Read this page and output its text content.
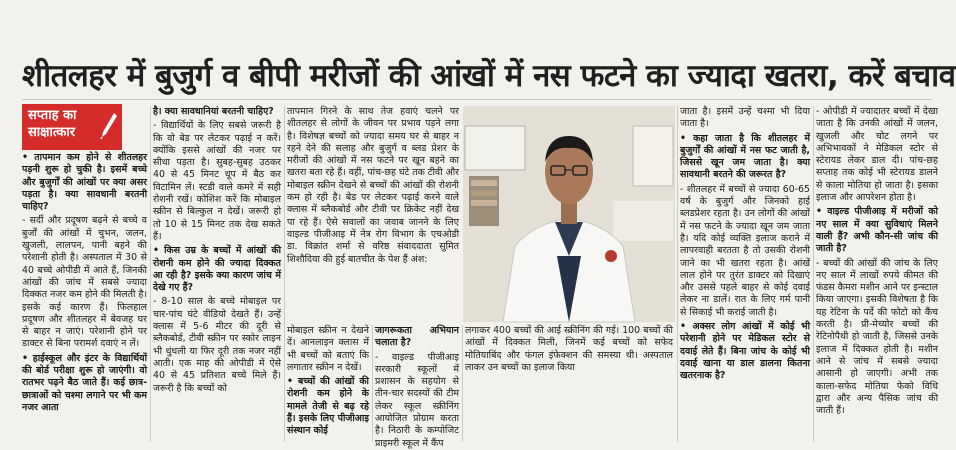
शीतलहर में बुजुर्ग व बीपी मरीजों की आंखों में नस फटने का ज्यादा खतरा, करें बचाव
सप्ताह का
साक्षात्कार

• तापमान कम होने से शीतलहर पड़नी शुरू हो चुकी है। इसमें बच्चे और बुजुर्गों की आंखों पर क्या असर पड़ता है। क्या सावधानी बरतनी चाहिए?

- सर्दी और प्रदूषण बढ़ने से बच्चे व बुर्जों की आंखों में चुभन, जलन, खुजली, लालपन, पानी बहने की परेशानी होती है। अस्पताल में 30 से 40 बच्चे ओपीडी में आते हैं, जिनकी आंखों की जांच में सबसे ज्यादा दिक्कत नजर कम होने की मिलती है। इसके कई कारण हैं। फिलहाल प्रदूषण और शीतलहर में बेवजह घर से बाहर न जाएं। परेशानी होने पर डाक्टर से बिना परामर्श दवाएं न लें।

• हाईस्कूल और इंटर के विद्यार्थियों की बोर्ड परीक्षा शुरू हो जाएंगी। वो रातभर पढ़ने बैठ जाते हैं। कई छात्र-छात्राओं को चश्मा लगाने पर भी कम नजर आता

है। क्या सावधानियां बरतनी चाहिए?

- विद्यार्थियों के लिए सबसे जरूरी है कि वो बेड पर लेटकर पढ़ाई न करें। क्योंकि इससे आंखों की नजर पर सीधा पड़ता है। सुबह-सुबह उठकर 40 से 45 मिनट धूप में बैठ कर विटामिन लें। स्टडी वाले कमरे में सही रोशनी रखें। कोशिश करें कि मोबाइल स्क्रीन से बिल्कुल न देखें। जरूरी हो तो 10 से 15 मिनट तक देख सकते हैं।

• किस उम्र के बच्चों में आंखों की रोशनी कम होने की ज्यादा दिक्कत आ रही है? इसके क्या कारण जांच में देखे गए हैं?

- 8-10 साल के बच्चे मोबाइल पर चार-पांच घंटे वीडियो देखते हैं। उन्हें क्लास में 5-6 मीटर की दूरी से ब्लैकबोर्ड, टीवी स्क्रीन पर स्कोर लाइन भी धुंधली या फिर दूरी तक नजर नहीं आती। एक माह की ओपीडी में ऐसे 40 से 45 प्रतिशत बच्चे मिले हैं। जरूरी है कि बच्चों को

तापमान गिरने के साथ तेज हवाएं चलने पर शीतलहर से लोगों के जीवन पर प्रभाव पड़ने लगा है। विशेषज्ञ बच्चों को ज्यादा समय घर से बाहर न रहने देने की सलाह और बुजुर्ग व ब्लड प्रेशर के मरीजों की आंखों में नस फटने पर खून बहने का खतरा बता रहे हैं। वहीं, पांच-छह घंटे तक टीवी और मोबाइल स्क्रीन देखने से बच्चों की आंखों की रोशनी कम हो रही है। बेड पर लेटकर पढ़ाई करने वाले क्लास में ब्लैकबोर्ड और टीवी पर क्रिकेट नहीं देख पा रहे हैं। ऐसे सवालों का जवाब जानने के लिए वाइल्ड पीजीआइ में नेत्र रोग विभाग के एचओडी डा. विक्रांत शर्मा से वरिष्ठ संवाददाता सुमित शिशौदिया की हुई बातचीत के पेश हैं अंश:

मोबाइल स्क्रीन न देखने दें। आनलाइन क्लास में भी बच्चों को बताएं कि लगातार स्क्रीन न देखें।

• बच्चों की आंखों की रोशनी कम होने के मामले तेजी से बढ़ रहे हैं। इसके लिए पीजीआइ संस्थान कोई

जागरूकता अभियान चलाता है?

- वाइल्ड पीजीआइ सरकारी स्कूलों में प्रशासन के सहयोग से तीन-चार सदस्यों की टीम लेकर स्कूल स्क्रीनिंग आयोजित प्रोग्राम करता है। निठारी के कम्पोजिट प्राइमरी स्कूल में कैंप

लगाकर 400 बच्चों की आई स्क्रीनिंग की गई। 100 बच्चों की आंखों में दिक्कत मिली, जिनमें कई बच्चों को सफेद मोतियाबिंद और फंगल इंफेक्शन की समस्या थी। अस्पताल लाकर उन बच्चों का इलाज किया

जाता है। इसमें उन्हें चश्मा भी दिया जाता है।

• कहा जाता है कि शीतलहर में बुजुर्गों की आंखों में नस फट जाती है, जिससे खून जम जाता है। क्या सावधानी बरतने की जरूरत है?

- शीतलहर में बच्चों से ज्यादा 60-65 वर्ष के बुजुर्ग और जिनको हाई ब्लडप्रेशर रहता है। उन लोगों की आंखों में नस फटने के ज्यादा खून जम जाता है। यदि कोई व्यक्ति इलाज कराने में लापरवाही बरतता है तो उसकी रोशनी जाने का भी खतरा रहता है। आंखें लाल होने पर तुरंत डाक्टर को दिखाएं और उससे पहले बाहर से कोई दवाई लेकर ना डालें। रात के लिए गर्म पानी से सिकाई भी कराई जाती है।

• अक्सर लोग आंखों में कोई भी परेशानी होने पर मेडिकल स्टोर से दवाई लेते हैं। बिना जांच के कोई भी दवाई खाना या डाल डालना कितना खतरनाक है?

- ओपीडी में ज्यादातर बच्चों में देखा जाता है कि उनकी आंखों में जलन, खुजली और चोट लगने पर अभिभावकों ने मेडिकल स्टोर से स्टेरायड लेकर डाल दी। पांच-छह सप्ताह तक कोई भी स्टेरायड डालने से काला मोतिया हो जाता है। इसका इलाज और आपरेशन होता है।

• वाइल्ड पीजीआइ में मरीजों को नए साल में क्या सुविधाएं मिलने वाली हैं? अभी कौन-सी जांच की जाती है?

- बच्चों की आंखों की जांच के लिए नए साल में लाखों रुपये कीमत की फंडस कैमरा मशीन आने पर इन्स्टाल किया जाएगा। इसकी विशेषता है कि यह रेटिना के पर्दे की फोटो को कैंच करती है। प्री-मेच्योर बच्चों की रेटिनोपैथी हो जाती है, जिससे उनके इलाज में दिक्कत होती है। मशीन आने से जांच में सबसे ज्यादा आसानी हो जाएगी। अभी तक काला-सफेद मोतिया फेको विधि द्वारा और अन्य पैसिक जांच की जाती हैं।
